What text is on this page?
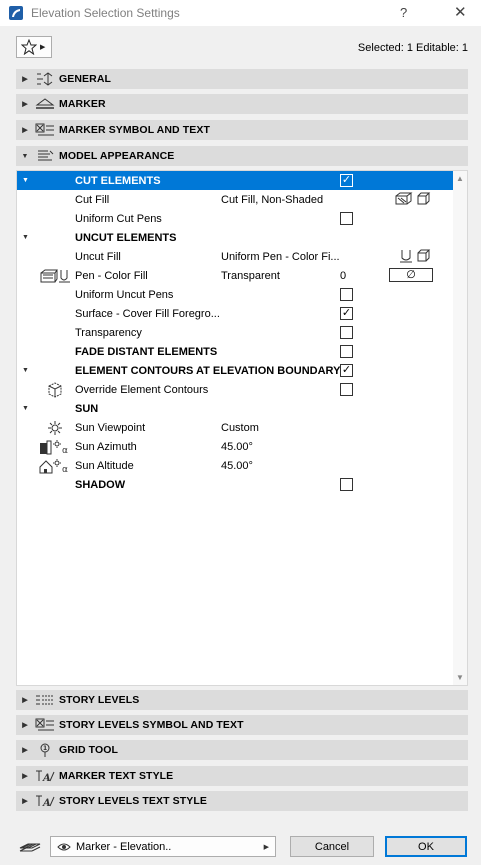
Elevation Selection Settings	?	✕
▶	Selected: 1 Editable: 1
▶	GENERAL
▶	MARKER
▶	MARKER SYMBOL AND TEXT
▼	MODEL APPEARANCE
▼	CUT ELEMENTS	✓
Cut Fill	Cut Fill, Non-Shaded
Uniform Cut Pens
▼	UNCUT ELEMENTS
Uncut Fill	Uniform Pen - Color Fi...
Pen - Color Fill	Transparent	0	∅
Uniform Uncut Pens
Surface - Cover Fill Foregro...	✓
Transparency
FADE DISTANT ELEMENTS
▼	ELEMENT CONTOURS AT ELEVATION BOUNDARY ✓
Override Element Contours
▼	SUN
Sun Viewpoint	Custom
α Sun Azimuth	45.00°
α Sun Altitude	45.00°
SHADOW
▲
▼
▶	STORY LEVELS
▶	STORY LEVELS SYMBOL AND TEXT
▶	1 GRID TOOL
▶	A MARKER TEXT STYLE
▶	A STORY LEVELS TEXT STYLE
Marker - Elevation..	▶	Cancel	OK
